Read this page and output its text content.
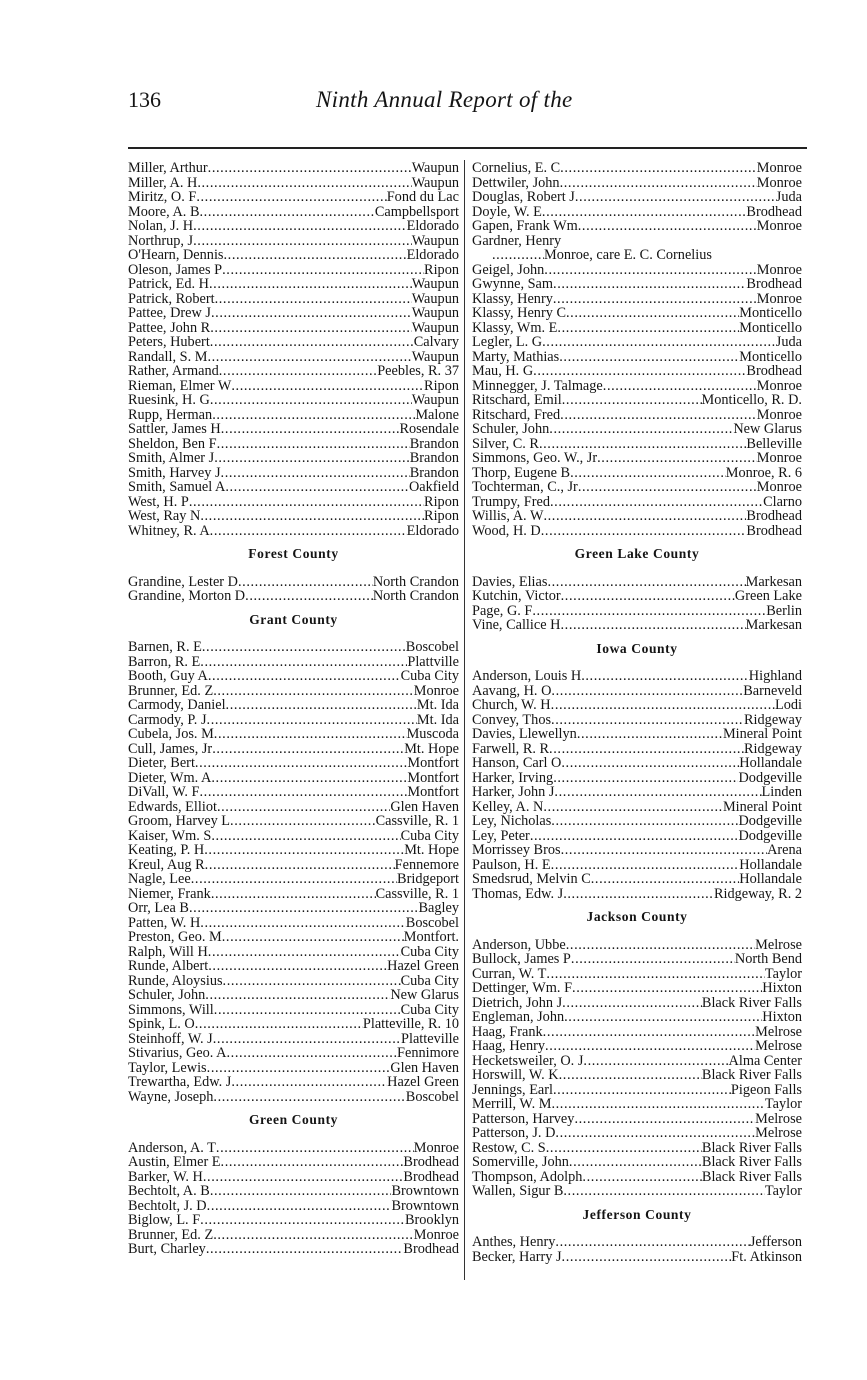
136	Ninth Annual Report of the
Miller, Arthur .....	Waupun
Miller, A. H .....	Waupun
Miritz, O. F .....	Fond du Lac
Moore, A. B .....	Campbellsport
Nolan, J. H .....	Eldorado
Northrup, J .....	Waupun
O'Hearn, Dennis .....	Eldorado
Oleson, James P .....	Ripon
Patrick, Ed. H .....	Waupun
Patrick, Robert .....	Waupun
Pattee, Drew J .....	Waupun
Pattee, John R .....	Waupun
Peters, Hubert .....	Calvary
Randall, S. M .....	Waupun
Rather, Armand .....	Peebles, R. 37
Rieman, Elmer W .....	Ripon
Ruesink, H. G .....	Waupun
Rupp, Herman .....	Malone
Sattler, James H .....	Rosendale
Sheldon, Ben F .....	Brandon
Smith, Almer J .....	Brandon
Smith, Harvey J .....	Brandon
Smith, Samuel A .....	Oakfield
West, H. P .....	Ripon
West, Ray N .....	Ripon
Whitney, R. A .....	Eldorado
Forest County
Grandine, Lester D .....	North Crandon
Grandine, Morton D .....	North Crandon
Grant County
Barnen, R. E .....	Boscobel
Barron, R. E .....	Plattville
Booth, Guy A .....	Cuba City
Brunner, Ed. Z .....	Monroe
Carmody, Daniel .....	Mt. Ida
Carmody, P. J .....	Mt. Ida
Cubela, Jos. M .....	Muscoda
Cull, James, Jr .....	Mt. Hope
Dieter, Bert .....	Montfort
Dieter, Wm. A .....	Montfort
DiVall, W. F .....	Montfort
Edwards, Elliot .....	Glen Haven
Groom, Harvey L .....	Cassville, R. 1
Kaiser, Wm. S .....	Cuba City
Keating, P. H .....	Mt. Hope
Kreul, Aug R .....	Fennemore
Nagle, Lee .....	Bridgeport
Niemer, Frank .....	Cassville, R. 1
Orr, Lea B .....	Bagley
Patten, W. H .....	Boscobel
Preston, Geo. M .....	Montfort.
Ralph, Will H .....	Cuba City
Runde, Albert .....	Hazel Green
Runde, Aloysius .....	Cuba City
Schuler, John .....	New Glarus
Simmons, Will .....	Cuba City
Spink, L. O .....	Platteville, R. 10
Steinhoff, W. J .....	Platteville
Stivarius, Geo. A .....	Fennimore
Taylor, Lewis .....	Glen Haven
Trewartha, Edw. J .....	Hazel Green
Wayne, Joseph .....	Boscobel
Green County
Anderson, A. T .....	Monroe
Austin, Elmer E .....	Brodhead
Barker, W. H .....	Brodhead
Bechtolt, A. B .....	Browntown
Bechtolt, J. D .....	Browntown
Biglow, L. F .....	Brooklyn
Brunner, Ed. Z .....	Monroe
Burt, Charley .....	Brodhead
Cornelius, E. C .....	Monroe
Dettwiler, John .....	Monroe
Douglas, Robert J .....	Juda
Doyle, W. E .....	Brodhead
Gapen, Frank Wm .....	Monroe
Gardner, Henry
.....
Monroe, care E. C. Cornelius
Geigel, John .....	Monroe
Gwynne, Sam .....	Brodhead
Klassy, Henry .....	Monroe
Klassy, Henry C .....	Monticello
Klassy, Wm. E .....	Monticello
Legler, L. G .....	Juda
Marty, Mathias .....	Monticello
Mau, H. G .....	Brodhead
Minnegger, J. Talmage .....	Monroe
Ritschard, Emil .....	Monticello, R. D.
Ritschard, Fred .....	Monroe
Schuler, John .....	New Glarus
Silver, C. R .....	Belleville
Simmons, Geo. W., Jr .....	Monroe
Thorp, Eugene B .....	Monroe, R. 6
Tochterman, C., Jr .....	Monroe
Trumpy, Fred .....	Clarno
Willis, A. W .....	Brodhead
Wood, H. D .....	Brodhead
Green Lake County
Davies, Elias .....	Markesan
Kutchin, Victor .....	Green Lake
Page, G. F .....	Berlin
Vine, Callice H .....	Markesan
Iowa County
Anderson, Louis H .....	Highland
Aavang, H. O .....	Barneveld
Church, W. H .....	Lodi
Convey, Thos .....	Ridgeway
Davies, Llewellyn .....	Mineral Point
Farwell, R. R .....	Ridgeway
Hanson, Carl O .....	Hollandale
Harker, Irving .....	Dodgeville
Harker, John J .....	Linden
Kelley, A. N .....	Mineral Point
Ley, Nicholas .....	Dodgeville
Ley, Peter .....	Dodgeville
Morrissey Bros .....	Arena
Paulson, H. E .....	Hollandale
Smedsrud, Melvin C .....	Hollandale
Thomas, Edw. J .....	Ridgeway, R. 2
Jackson County
Anderson, Ubbe .....	Melrose
Bullock, James P .....	North Bend
Curran, W. T .....	Taylor
Dettinger, Wm. F .....	Hixton
Dietrich, John J .....	Black River Falls
Engleman, John .....	Hixton
Haag, Frank .....	Melrose
Haag, Henry .....	Melrose
Hecketsweiler, O. J .....	Alma Center
Horswill, W. K .....	Black River Falls
Jennings, Earl .....	Pigeon Falls
Merrill, W. M .....	Taylor
Patterson, Harvey .....	Melrose
Patterson, J. D .....	Melrose
Restow, C. S .....	Black River Falls
Somerville, John .....	Black River Falls
Thompson, Adolph .....	Black River Falls
Wallen, Sigur B .....	Taylor
Jefferson County
Anthes, Henry .....	Jefferson
Becker, Harry J .....	Ft. Atkinson
